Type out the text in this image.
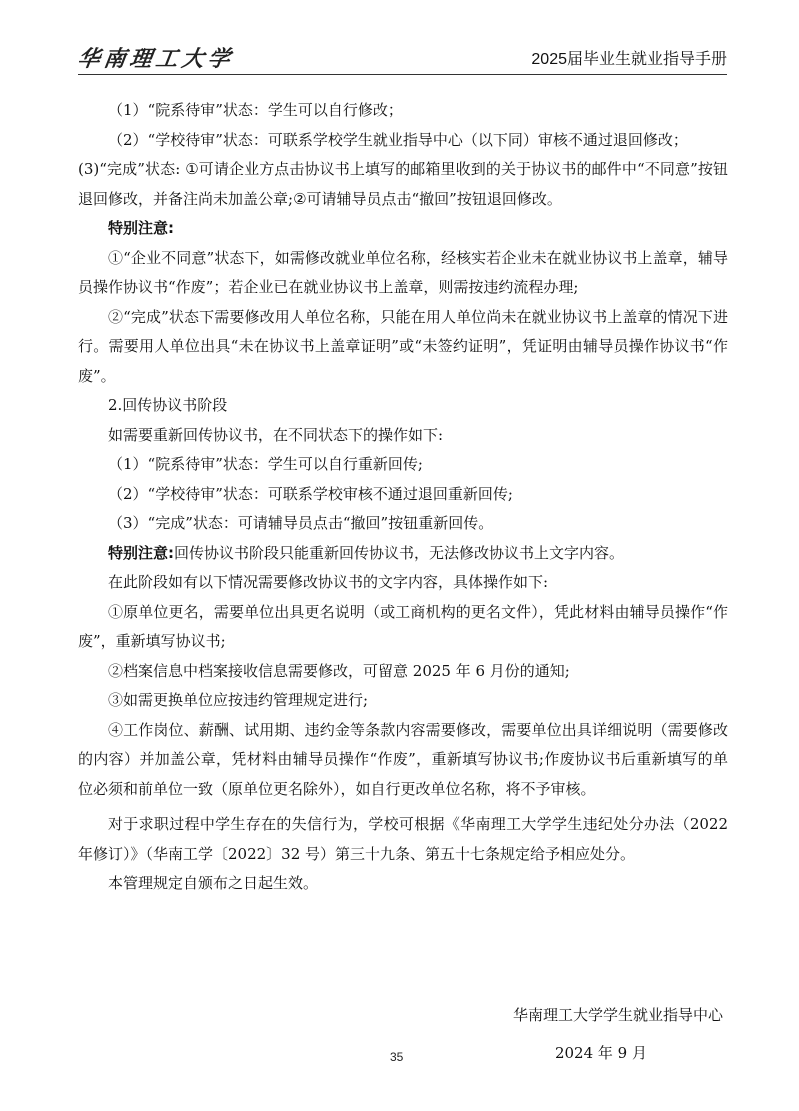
华南理工大学	2025届毕业生就业指导手册

（1）“院系待审”状态：学生可以自行修改；

（2）“学校待审”状态：可联系学校学生就业指导中心（以下同）审核不通过退回修改；

(3)“完成”状态: ①可请企业方点击协议书上填写的邮箱里收到的关于协议书的邮件中“不同意”按钮退回修改，并备注尚未加盖公章;②可请辅导员点击“撤回”按钮退回修改。

特别注意:

①“企业不同意”状态下，如需修改就业单位名称，经核实若企业未在就业协议书上盖章，辅导员操作协议书“作废”；若企业已在就业协议书上盖章，则需按违约流程办理;

②“完成”状态下需要修改用人单位名称，只能在用人单位尚未在就业协议书上盖章的情况下进行。需要用人单位出具“未在协议书上盖章证明”或“未签约证明”，凭证明由辅导员操作协议书“作废”。

2.回传协议书阶段

如需要重新回传协议书，在不同状态下的操作如下:

（1）“院系待审”状态：学生可以自行重新回传;

（2）“学校待审”状态：可联系学校审核不通过退回重新回传;

（3）“完成”状态：可请辅导员点击“撤回”按钮重新回传。

特别注意:回传协议书阶段只能重新回传协议书，无法修改协议书上文字内容。

在此阶段如有以下情况需要修改协议书的文字内容，具体操作如下:

①原单位更名，需要单位出具更名说明（或工商机构的更名文件），凭此材料由辅导员操作“作废”，重新填写协议书;

②档案信息中档案接收信息需要修改，可留意 2025 年 6 月份的通知;

③如需更换单位应按违约管理规定进行;

④工作岗位、薪酬、试用期、违约金等条款内容需要修改，需要单位出具详细说明（需要修改的内容）并加盖公章，凭材料由辅导员操作“作废”，重新填写协议书;作废协议书后重新填写的单位必须和前单位一致（原单位更名除外），如自行更改单位名称，将不予审核。

对于求职过程中学生存在的失信行为，学校可根据《华南理工大学学生违纪处分办法（2022 年修订）》（华南工学〔2022〕32 号）第三十九条、第五十七条规定给予相应处分。

本管理规定自颁布之日起生效。

华南理工大学学生就业指导中心
35	2024 年 9 月
